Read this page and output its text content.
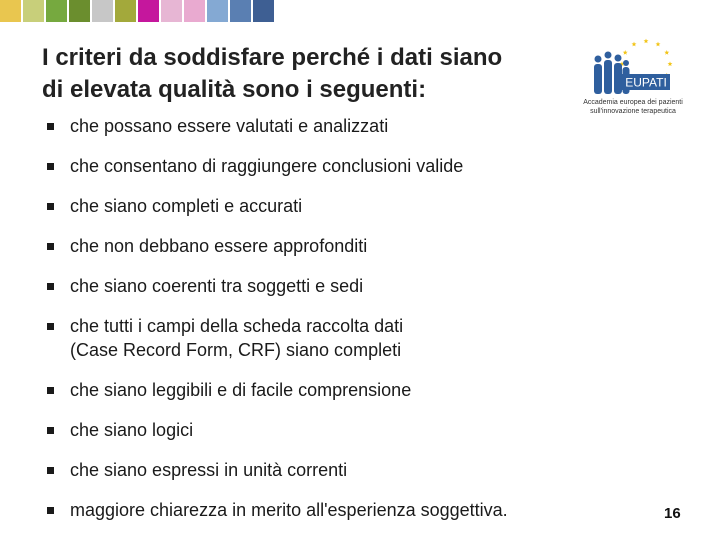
I criteri da soddisfare perché i dati siano
di elevata qualità sono i seguenti:	EUPATI
Accademia europea dei pazienti
sull'innovazione terapeutica
che possano essere valutati e analizzati
che consentano di raggiungere conclusioni valide
che siano completi e accurati
che non debbano essere approfonditi
che siano coerenti tra soggetti e sedi
che tutti i campi della scheda raccolta dati
(Case Record Form, CRF) siano completi
che siano leggibili e di facile comprensione
che siano logici
che siano espressi in unità correnti
maggiore chiarezza in merito all'esperienza soggettiva.	16
